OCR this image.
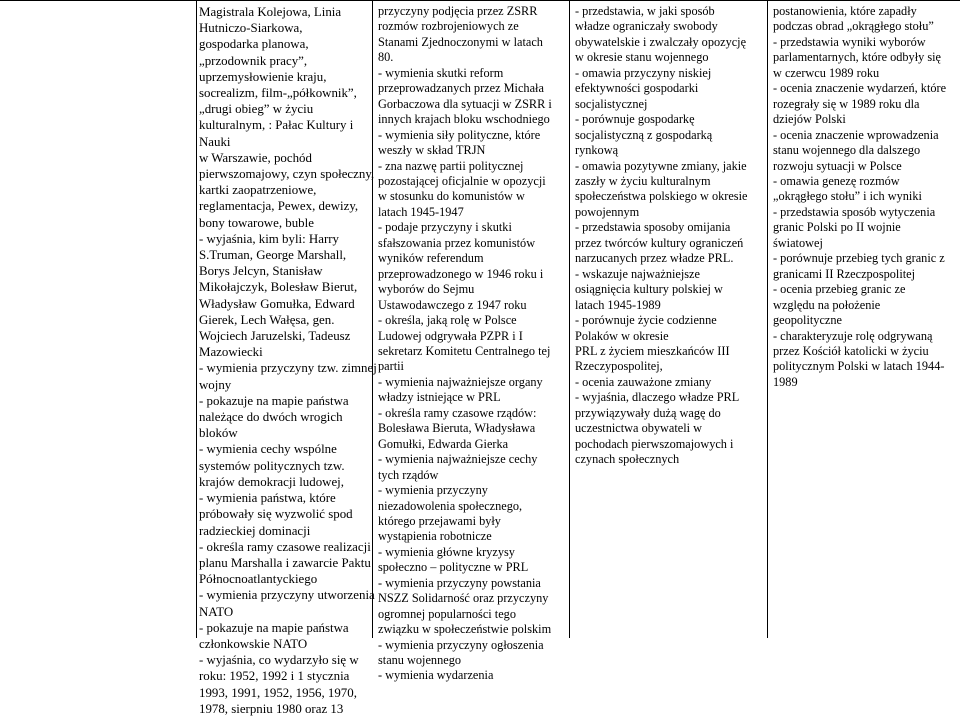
Magistrala Kolejowa, Linia
Hutniczo-Siarkowa,
gospodarka planowa,
„przodownik pracy”,
uprzemysłowienie kraju,
socrealizm, film-„półkownik”,
„drugi obieg” w życiu
kulturalnym, : Pałac Kultury i
Nauki
w Warszawie, pochód
pierwszomajowy, czyn społeczny,
kartki zaopatrzeniowe,
reglamentacja, Pewex, dewizy,
bony towarowe, buble
- wyjaśnia, kim byli: Harry
S.Truman, George Marshall,
Borys Jelcyn, Stanisław
Mikołajczyk, Bolesław Bierut,
Władysław Gomułka, Edward
Gierek, Lech Wałęsa, gen.
Wojciech Jaruzelski, Tadeusz
Mazowiecki
- wymienia przyczyny tzw. zimnej
wojny
- pokazuje na mapie państwa
należące do dwóch wrogich
bloków
- wymienia cechy wspólne
systemów politycznych tzw.
krajów demokracji ludowej,
- wymienia państwa, które
próbowały się wyzwolić spod
radzieckiej dominacji
- określa ramy czasowe realizacji
planu Marshalla i zawarcie Paktu
Północnoatlantyckiego
- wymienia przyczyny utworzenia
NATO
- pokazuje na mapie państwa
członkowskie NATO
- wyjaśnia, co wydarzyło się w
roku: 1952, 1992 i 1 stycznia
1993, 1991, 1952, 1956, 1970,
1978, sierpniu 1980 oraz 13
przyczyny podjęcia przez ZSRR
rozmów rozbrojeniowych ze
Stanami Zjednoczonymi w latach
80.
- wymienia skutki reform
przeprowadzanych przez Michała
Gorbaczowa dla sytuacji w ZSRR i
innych krajach bloku wschodniego
- wymienia siły polityczne, które
weszły w skład TRJN
- zna nazwę partii politycznej
pozostającej oficjalnie w opozycji
w stosunku do komunistów w
latach 1945-1947
- podaje przyczyny i skutki
sfałszowania przez komunistów
wyników referendum
przeprowadzonego w 1946 roku i
wyborów do Sejmu
Ustawodawczego z 1947 roku
- określa, jaką rolę w Polsce
Ludowej odgrywała PZPR i I
sekretarz Komitetu Centralnego tej
partii
- wymienia najważniejsze organy
władzy istniejące w PRL
- określa ramy czasowe rządów:
Bolesława Bieruta, Władysława
Gomułki, Edwarda Gierka
- wymienia najważniejsze cechy
tych rządów
- wymienia przyczyny
niezadowolenia społecznego,
którego przejawami były
wystąpienia robotnicze
- wymienia główne kryzysy
społeczno – polityczne w PRL
- wymienia przyczyny powstania
NSZZ Solidarność oraz przyczyny
ogromnej popularności tego
związku w społeczeństwie polskim
- wymienia przyczyny ogłoszenia
stanu wojennego
- wymienia wydarzenia
- przedstawia, w jaki sposób
władze ograniczały swobody
obywatelskie i zwalczały opozycję
w okresie stanu wojennego
- omawia przyczyny niskiej
efektywności gospodarki
socjalistycznej
- porównuje gospodarkę
socjalistyczną z gospodarką
rynkową
- omawia pozytywne zmiany, jakie
zaszły w życiu kulturalnym
społeczeństwa polskiego w okresie
powojennym
- przedstawia sposoby omijania
przez twórców kultury ograniczeń
narzucanych przez władze PRL.
- wskazuje najważniejsze
osiągnięcia kultury polskiej w
latach 1945-1989
- porównuje życie codzienne
Polaków w okresie
PRL z życiem mieszkańców III
Rzeczypospolitej,
- ocenia zauważone zmiany
- wyjaśnia, dlaczego władze PRL
przywiązywały dużą wagę do
uczestnictwa obywateli w
pochodach pierwszomajowych i
czynach społecznych
postanowienia, które zapadły
podczas obrad „okrągłego stołu”
- przedstawia wyniki wyborów
parlamentarnych, które odbyły się
w czerwcu 1989 roku
- ocenia znaczenie wydarzeń, które
rozegrały się w 1989 roku dla
dziejów Polski
- ocenia znaczenie wprowadzenia
stanu wojennego dla dalszego
rozwoju sytuacji w Polsce
- omawia genezę rozmów
„okrągłego stołu” i ich wyniki
- przedstawia sposób wytyczenia
granic Polski po II wojnie
światowej
- porównuje przebieg tych granic z
granicami II Rzeczpospolitej
- ocenia przebieg granic ze
względu na położenie
geopolityczne
- charakteryzuje rolę odgrywaną
przez Kościół katolicki w życiu
politycznym Polski w latach 1944-
1989
